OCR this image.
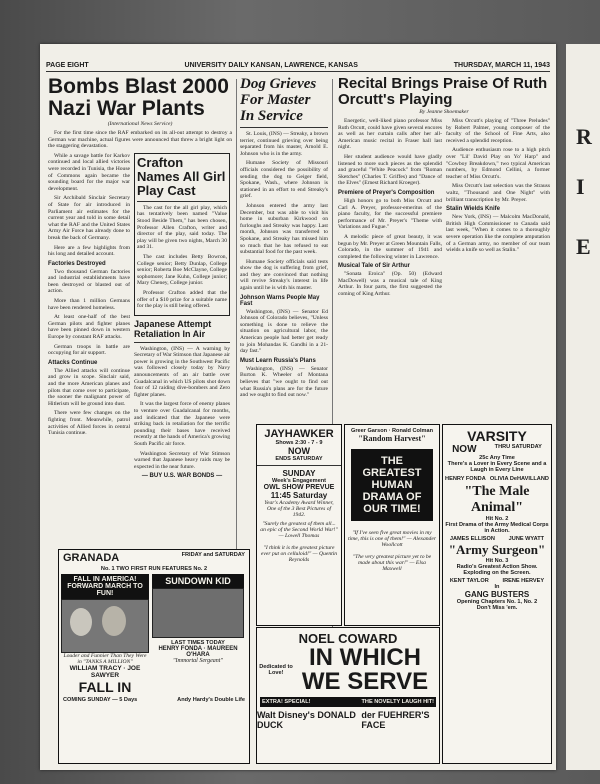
PAGE EIGHT	UNIVERSITY DAILY KANSAN, LAWRENCE, KANSAS	THURSDAY, MARCH 11, 1943
Bombs Blast 2000 Nazi War Plants
(International News Service)

For the first time since the RAF embarked on its all-out attempt to destroy a German war machine, actual figures were announced that threw a bright light on the staggering devastation.

While a savage battle for Karkov continued and local allied victories were recorded in Tunisia, the House of Commons again became the sounding board for the major war development.

Sir Archibald Sinclair Secretary of State for air introduced in Parliament air estimates for the current year and told in some detail what the RAF and the United States Army Air Force has already done to break the back of Germany.

Here are a few highlights from his long and detailed account.

Factories Destroyed

Two thousand German factories and industrial establishments have been destroyed or blasted out of action.

More than 1 million Germans have been rendered homeless.

At least one-half of the best German pilots and fighter planes have been pinned down in western Europe by constant RAF attacks.

German troops in battle are occupying for air support.

Attacks Continue

The Allied attacks will continue and grow in scope. Sinclair said, and the more American planes and pilots that come over to participate, the sooner the malignant power of Hitlerism will be ground into dust.

There were few changes on the fighting front. Meanwhile, patrol activities of Allied forces in central Tunisia continue.

Crafton Names All Girl Play Cast

The cast for the all girl play, which has tentatively been named "Value Stood Beside Them," has been chosen, Professor Allen Crafton, writer and director of the play, said today. The play will be given two nights, March 30 and 31.

The cast includes Betty Bowron, College senior; Betty Dunlap, College senior; Roberta Boe McClayne, College sophomore; Jane Kuhn, College junior; Mary Cheney, College junior.

Professor Crafton added that the offer of a $10 prize for a suitable name for the play is still being offered.

Japanese Attempt Retaliation In Air

Washington, (INS) — A warning by Secretary of War Stimson that Japanese air power is growing in the Southwest Pacific was followed closely today by Navy announcements of an air battle over Guadalcanal in which US pilots shot down four of 12 raiding dive-bombers and Zero fighter planes.

It was the largest force of enemy planes to venture over Guadalcanal for months, and indicated that the Japanese were striking back in retaliation for the terrific pounding their bases have received recently at the hands of America's growing South Pacific air force.

Washington Secretary of War Stimson warned that Japanese heavy raids may be expected in the near future.

— BUY U.S. WAR BONDS —
Dog Grieves For Master In Service

St. Louis, (INS) — Streaky, a brown terrier, continued grieving over being separated from his master, Arnold E. Johnson who is in the army.

Humane Society of Missouri officials considered the possibility of sending the dog to Geiger field, Spokane, Wash., where Johnson is stationed in an effort to end Streaky's grief.

Johnson entered the army last December, but was able to visit his home in suburban Kirkwood on furloughs and Streaky was happy. Last month, Johnson was transferred to Spokane, and Streaky has missed him so much that he has refused to eat substantial food for the past week.

Humane Society officials said tests show the dog is suffering from grief, and they are convinced that nothing will revive Streaky's interest in life again until he is with his master.

Johnson Warns People May Fast

Washington, (INS) — Senator Ed Johnson of Colorado believes, "Unless something is done to relieve the situation on agricultural labor, the American people had better get ready to join Mohandas K. Gandhi in a 21-day fast."

Must Learn Russia's Plans

Washington, (INS) — Senator Burton K. Wheeler of Montana believes that "we ought to find out what Russia's plans are for the future and we ought to find out now."

Recital Brings Praise Of Ruth Orcutt's Playing
By Jeanne Shoemaker

Energetic, well-liked piano professor Miss Ruth Orcutt, could have given several encores as well as her curtain calls after her all-American music recital in Fraser hall last night.

Her student audience would have gladly listened to more such pieces as the splendid and graceful "White Peacock" from "Roman Sketches" (Charles T. Griffes) and "Dance of the Elves" (Ernest Richard Kroeger).

Premiere of Preyer's Composition

High honors go to both Miss Orcutt and Carl A. Preyer, professor-emeritus of the piano faculty, for the successful premiere performance of Mr. Preyer's "Theme with Variations and Fugue."

A melodic piece of great beauty, it was begun by Mr. Preyer at Green Mountain Falls, Colorado, in the summer of 1941 and completed the following winter in Lawrence.

Musical Tale of Sir Arthur

"Sonata Eroica" (Op. 50) (Edward MacDowell) was a musical tale of King Arthur. In four parts, the first suggested the coming of King Arthur.

Miss Orcutt's playing of "Three Preludes" by Robert Palmer, young composer of the faculty of the School of Fine Arts, also received a splendid reception.

Audience enthusiasm rose to a high pitch over "Lil' David Play on Yo' Harp" and "Cowboy Breakdown," two typical American numbers, by Edmond Cellini, a former teacher of Miss Orcutt's.

Miss Orcutt's last selection was the Strauss waltz, "Thousand and One Night" with brilliant transcription by Mr. Preyer.

Stalin Wields Knife

New York, (INS) — Malcolm MacDonald, British High Commissioner to Canada said last week, "When it comes to a thoroughly severe operation like the complete amputation of a German army, no member of our team wields a knife so well as Stalin."

GRANADA	FRIDAY and SATURDAY
No. 1 TWO FIRST RUN FEATURES No. 2
FALL IN AMERICA! FORWARD MARCH TO FUN!
Louder and Funnier Than They Were in "TANKS A MILLION"
WILLIAM TRACY · JOE SAWYER
FALL IN
SUNDOWN KID
LAST TIMES TODAY
HENRY FONDA · MAUREEN O'HARA
"Immortal Sergeant"
COMING SUNDAY — 5 Days	Andy Hardy's Double Life
JAYHAWKER
Shows 2:30 - 7 - 9
NOW
ENDS SATURDAY
SUNDAY
Week's Engagement
OWL SHOW PREVUE
11:45 Saturday
Year's Academy Award Winner, One of the 3 Best Pictures of 1942.
"Surely the greatest of them all... an epic of the Second World War!" — Lowell Thomas
"I think it is the greatest picture ever put on celluloid!" — Quentin Reynolds
Greer Garson · Ronald Colman
"Random Harvest"
THE GREATEST HUMAN DRAMA OF OUR TIME!
"If I've seen five great movies in my time, this is one of them!" — Alexander Woollcott
"The very greatest picture yet to be made about this war!" — Elsa Maxwell
NOEL COWARD
Dedicated to Love!
IN WHICH WE SERVE
EXTRA! SPECIAL!	THE NOVELTY LAUGH HIT!
Walt Disney's DONALD DUCK
der FUEHRER'S FACE
VARSITY
NOW	THRU SATURDAY
25c Any Time
There's a Lover in Every Scene and a Laugh in Every Line
HENRY FONDA OLIVIA DeHAVILLAND
"The Male Animal"
Hit No. 2
First Drama of the Army Medical Corps in Action.
JAMES ELLISON JUNE WYATT
"Army Surgeon"
Hit No. 3
Radio's Greatest Action Show. Exploding on the Screen.
KENT TAYLOR IRENE HERVEY
In
GANG BUSTERS
Opening Chapters No. 1, No. 2
Don't Miss 'em.
R
I
E
